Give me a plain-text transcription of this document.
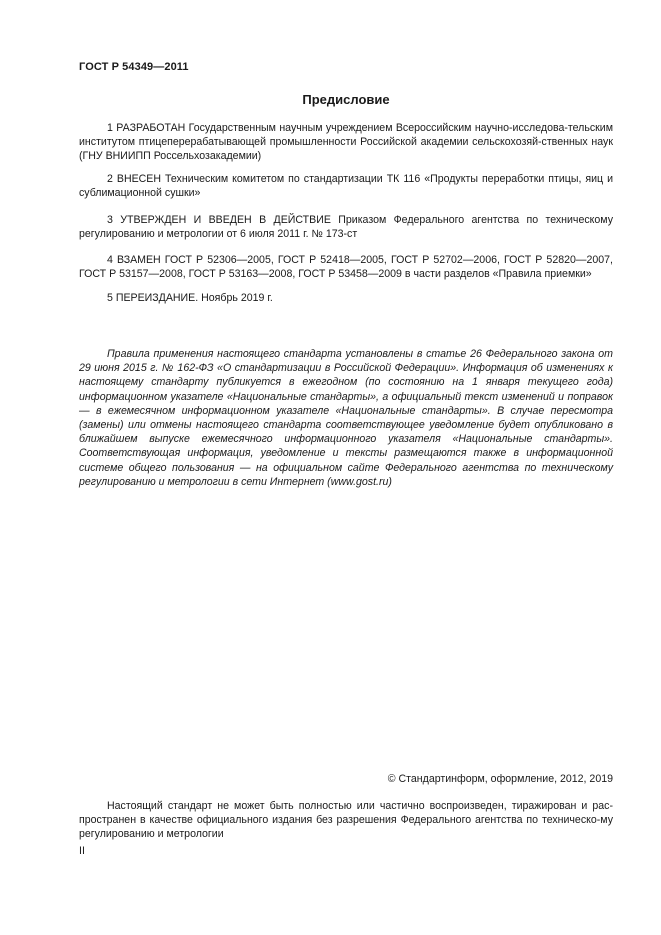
ГОСТ Р 54349—2011
Предисловие

1 РАЗРАБОТАН Государственным научным учреждением Всероссийским научно-исследова-тельским институтом птицеперерабатывающей промышленности Российской академии сельскохозяй-ственных наук (ГНУ ВНИИПП Россельхозакадемии)

2 ВНЕСЕН Техническим комитетом по стандартизации ТК 116 «Продукты переработки птицы, яиц и сублимационной сушки»

3 УТВЕРЖДЕН И ВВЕДЕН В ДЕЙСТВИЕ Приказом Федерального агентства по техническому регулированию и метрологии от 6 июля 2011 г. № 173-ст

4 ВЗАМЕН ГОСТ Р 52306—2005, ГОСТ Р 52418—2005, ГОСТ Р 52702—2006, ГОСТ Р 52820—2007, ГОСТ Р 53157—2008, ГОСТ Р 53163—2008, ГОСТ Р 53458—2009 в части разделов «Правила приемки»

5 ПЕРЕИЗДАНИЕ. Ноябрь 2019 г.

Правила применения настоящего стандарта установлены в статье 26 Федерального закона от 29 июня 2015 г. № 162-ФЗ «О стандартизации в Российской Федерации». Информация об изменениях к настоящему стандарту публикуется в ежегодном (по состоянию на 1 января текущего года) информационном указателе «Национальные стандарты», а официальный текст изменений и поправок — в ежемесячном информационном указателе «Национальные стандарты». В случае пересмотра (замены) или отмены настоящего стандарта соответствующее уведомление будет опубликовано в ближайшем выпуске ежемесячного информационного указателя «Национальные стандарты». Соответствующая информация, уведомление и тексты размещаются также в информационной системе общего пользования — на официальном сайте Федерального агентства по техническому регулированию и метрологии в сети Интернет (www.gost.ru)

© Стандартинформ, оформление, 2012, 2019

Настоящий стандарт не может быть полностью или частично воспроизведен, тиражирован и рас-пространен в качестве официального издания без разрешения Федерального агентства по техническо-му регулированию и метрологии

II
